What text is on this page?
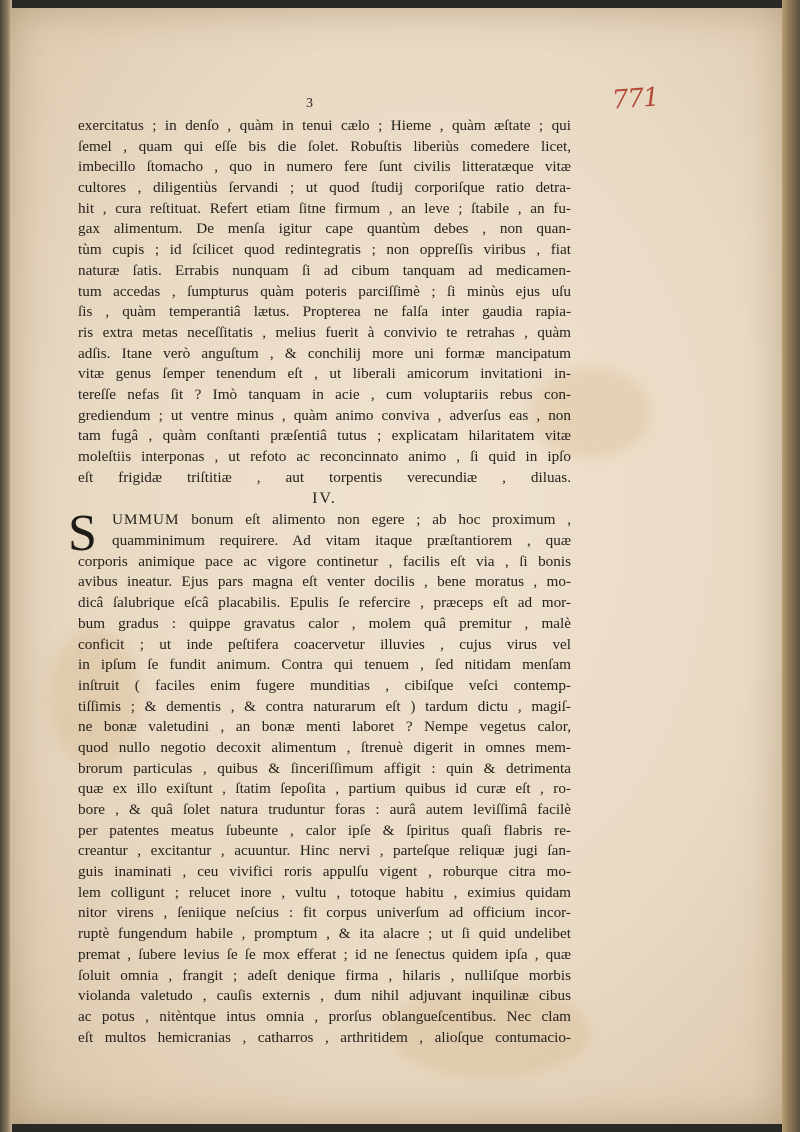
3	771
exercitatus ; in denſo , quàm in tenui cælo ; Hieme , quàm æſtate ; qui
ſemel , quam qui eſſe bis die ſolet. Robuſtis liberiùs comedere licet,
imbecillo ſtomacho , quo in numero fere ſunt civilis litteratæque vitæ
cultores , diligentiùs ſervandi ; ut quod ſtudij corporiſque ratio detra-
hit , cura reſtituat. Refert etiam ſitne firmum , an leve ; ſtabile , an fu-
gax alimentum. De menſa igitur cape quantùm debes , non quan-
tùm cupis ; id ſcilicet quod redintegratis ; non oppreſſis viribus , fiat
naturæ ſatis. Errabis nunquam ſi ad cibum tanquam ad medicamen-
tum accedas , ſumpturus quàm poteris parciſſimè ; ſi minùs ejus uſu
ſis , quàm temperantiâ lætus. Propterea ne falſa inter gaudia rapia-
ris extra metas neceſſitatis , melius fuerit à convivio te retrahas , quàm
adſis. Itane verò anguſtum , & conchilij more uni formæ mancipatum
vitæ genus ſemper tenendum eſt , ut liberali amicorum invitationi in-
tereſſe nefas ſit ? Imò tanquam in acie , cum voluptariis rebus con-
grediendum ; ut ventre minus , quàm animo conviva , adverſus eas , non
tam fugâ , quàm conſtanti præſentiâ tutus ; explicatam hilaritatem vitæ
moleſtiis interponas , ut refoto ac reconcinnato animo , ſi quid in ipſo
eſt frigidæ triſtitiæ , aut torpentis verecundiæ , diluas.
IV.
S UMMUM bonum eſt alimento non egere ; ab hoc proximum ,
quamminimum requirere. Ad vitam itaque præſtantiorem , quæ
corporis animique pace ac vigore continetur , facilis eſt via , ſi bonis
avibus ineatur. Ejus pars magna eſt venter docilis , bene moratus , mo-
dicâ ſalubrique eſcâ placabilis. Epulis ſe refercire , præceps eſt ad mor-
bum gradus : quippe gravatus calor , molem quâ premitur , malè
conficit ; ut inde peſtifera coacervetur illuvies , cujus virus vel
in ipſum ſe fundit animum. Contra qui tenuem , ſed nitidam menſam
inſtruit ( faciles enim fugere munditias , cibiſque veſci contemp-
tiſſimis ; & dementis , & contra naturarum eſt ) tardum dictu , magiſ-
ne bonæ valetudini , an bonæ menti laboret ? Nempe vegetus calor,
quod nullo negotio decoxit alimentum , ſtrenuè digerit in omnes mem-
brorum particulas , quibus & ſinceriſſimum affigit : quin & detrimenta
quæ ex illo exiſtunt , ſtatim ſepoſita , partium quibus id curæ eſt , ro-
bore , & quâ ſolet natura truduntur foras : aurâ autem leviſſimâ facilè
per patentes meatus ſubeunte , calor ipſe & ſpiritus quaſi flabris re-
creantur , excitantur , acuuntur. Hinc nervi , parteſque reliquæ jugi ſan-
guis inaminati , ceu vivifici roris appulſu vigent , roburque citra mo-
lem colligunt ; relucet inore , vultu , totoque habitu , eximius quidam
nitor virens , ſeniique neſcius : fit corpus univerſum ad officium incor-
ruptè fungendum habile , promptum , & ita alacre ; ut ſi quid undelibet
premat , ſubere levius ſe ſe mox efferat ; id ne ſenectus quidem ipſa , quæ
ſoluit omnia , frangit ; adeſt denique firma , hilaris , nulliſque morbis
violanda valetudo , cauſis externis , dum nihil adjuvant inquilinæ cibus
ac potus , nitèntque intus omnia , prorſus oblangueſcentibus. Nec clam
eſt multos hemicranias , catharros , arthritidem , alioſque contumacio-
